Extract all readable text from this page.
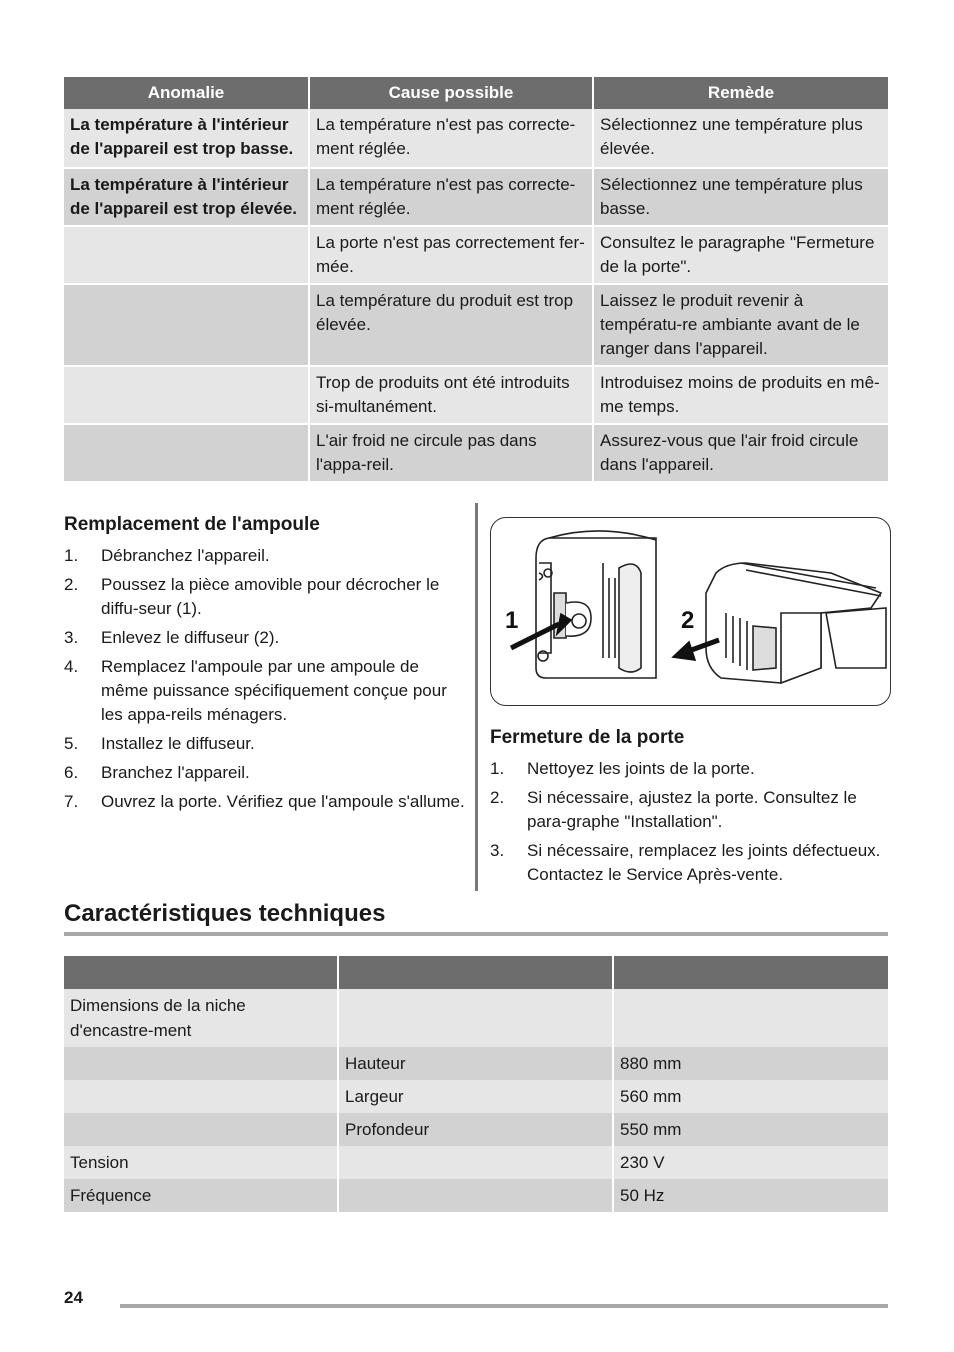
Anomalie	Cause possible	Remède
La température à l'intérieur de l'appareil est trop basse.	La température n'est pas correcte-ment réglée.	Sélectionnez une température plus élevée.
La température à l'intérieur de l'appareil est trop élevée.	La température n'est pas correcte-ment réglée.	Sélectionnez une température plus basse.
	La porte n'est pas correctement fer-mée.	Consultez le paragraphe "Fermeture de la porte".
	La température du produit est trop élevée.	Laissez le produit revenir à températu-re ambiante avant de le ranger dans l'appareil.
	Trop de produits ont été introduits si-multanément.	Introduisez moins de produits en mê-me temps.
	L'air froid ne circule pas dans l'appa-reil.	Assurez-vous que l'air froid circule dans l'appareil.
Remplacement de l'ampoule
1.	Débranchez l'appareil.
2.	Poussez la pièce amovible pour décrocher le diffu-seur (1).
3.	Enlevez le diffuseur (2).
4.	Remplacez l'ampoule par une ampoule de même puissance spécifiquement conçue pour les appa-reils ménagers.
5.	Installez le diffuseur.
6.	Branchez l'appareil.
7.	Ouvrez la porte. Vérifiez que l'ampoule s'allume.
1	2
Fermeture de la porte
1.	Nettoyez les joints de la porte.
2.	Si nécessaire, ajustez la porte. Consultez le para-graphe "Installation".
3.	Si nécessaire, remplacez les joints défectueux. Contactez le Service Après-vente.
Caractéristiques techniques

Dimensions de la niche d'encastre-ment		
	Hauteur	880 mm
	Largeur	560 mm
	Profondeur	550 mm
Tension		230 V
Fréquence		50 Hz
24
